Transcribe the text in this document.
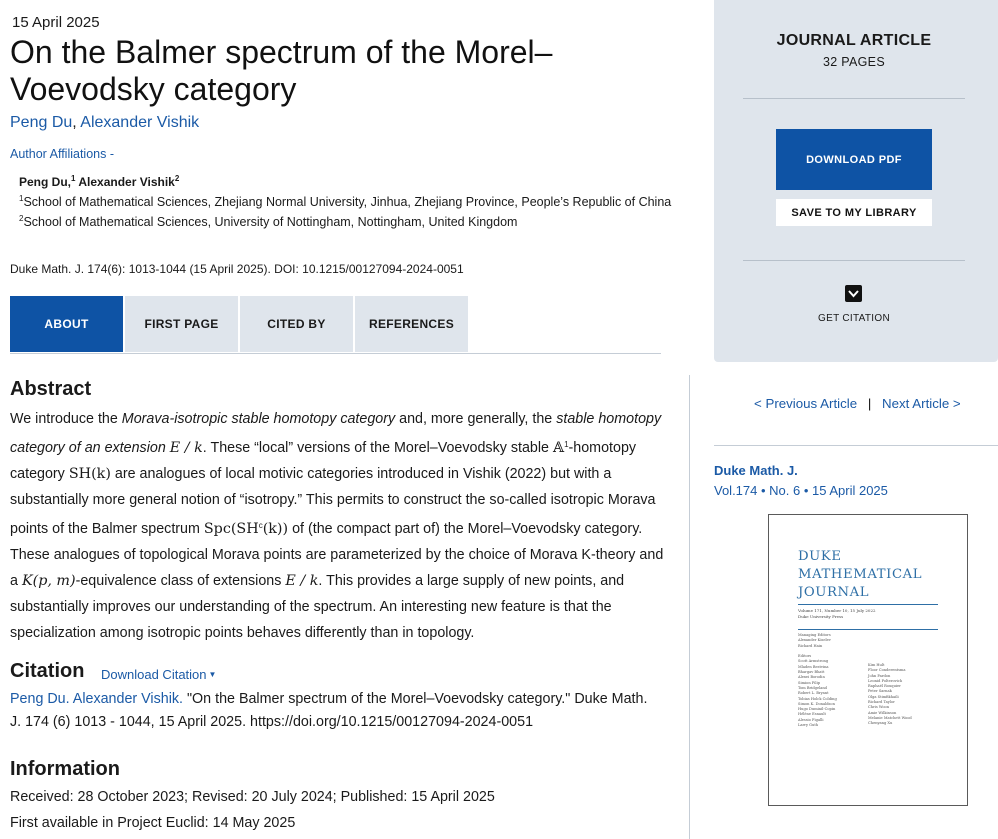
15 April 2025
On the Balmer spectrum of the Morel–Voevodsky category
Peng Du, Alexander Vishik
Author Affiliations -
Peng Du,$^1$ Alexander Vishik$^2$
$^1$School of Mathematical Sciences, Zhejiang Normal University, Jinhua, Zhejiang Province, People’s Republic of China
$^2$School of Mathematical Sciences, University of Nottingham, Nottingham, United Kingdom
Duke Math. J. 174(6): 1013-1044 (15 April 2025). DOI: 10.1215/00127094-2024-0051
ABOUT	FIRST PAGE	CITED BY	REFERENCES
Abstract

We introduce the Morava-isotropic stable homotopy category and, more generally, the stable homotopy category of an extension E / k. These “local” versions of the Morel–Voevodsky stable 𝔸$^1$-homotopy category SH(k) are analogues of local motivic categories introduced in Vishik (2022) but with a substantially more general notion of “isotropy.” This permits to construct the so-called isotropic Morava points of the Balmer spectrum $Spc(SH^c(k))$ of (the compact part of) the Morel–Voevodsky category. These analogues of topological Morava points are parameterized by the choice of Morava K-theory and a K(p, m)-equivalence class of extensions E / k. This provides a large supply of new points, and substantially improves our understanding of the spectrum. An interesting new feature is that the specialization among isotropic points behaves differently than in topology.

Citation Download Citation ▼

Peng Du. Alexander Vishik. "On the Balmer spectrum of the Morel–Voevodsky category." Duke Math. J. 174 (6) 1013 - 1044, 15 April 2025. https://doi.org/10.1215/00127094-2024-0051

Information
Received: 28 October 2023; Revised: 20 July 2024; Published: 15 April 2025
First available in Project Euclid: 14 May 2025
JOURNAL ARTICLE
32 PAGES
DOWNLOAD PDF
SAVE TO MY LIBRARY
GET CITATION
< Previous Article | Next Article >
Duke Math. J.
Vol.174 • No. 6 • 15 April 2025
DUKE
MATHEMATICAL
JOURNAL
Volume 171, Number 10, 15 July 2022
Duke University Press
Managing Editors
Alexander Kiselev
Richard Hain

Editors
Scott Armstrong
Mladen Bestvina
Bhargav Bhatt
Alexei Borodin
Simion Filip
Tom Bridgeland
Robert L. Bryant
Tobias Holck Colding
Simon K. Donaldson
Hugo Duminil-Copin
Hélène Esnault
Alessio Figalli
Larry Guth
Kim Hult
Floor Conderentsma
John Pardon
Leonid Polterovich
Raphaël Rouquier
Peter Sarnak
Olga Stimfikhaili
Richard Taylor
Chris Woon
Amie Wilkinson
Melanie Matchett Wood
Chenyang Xu
